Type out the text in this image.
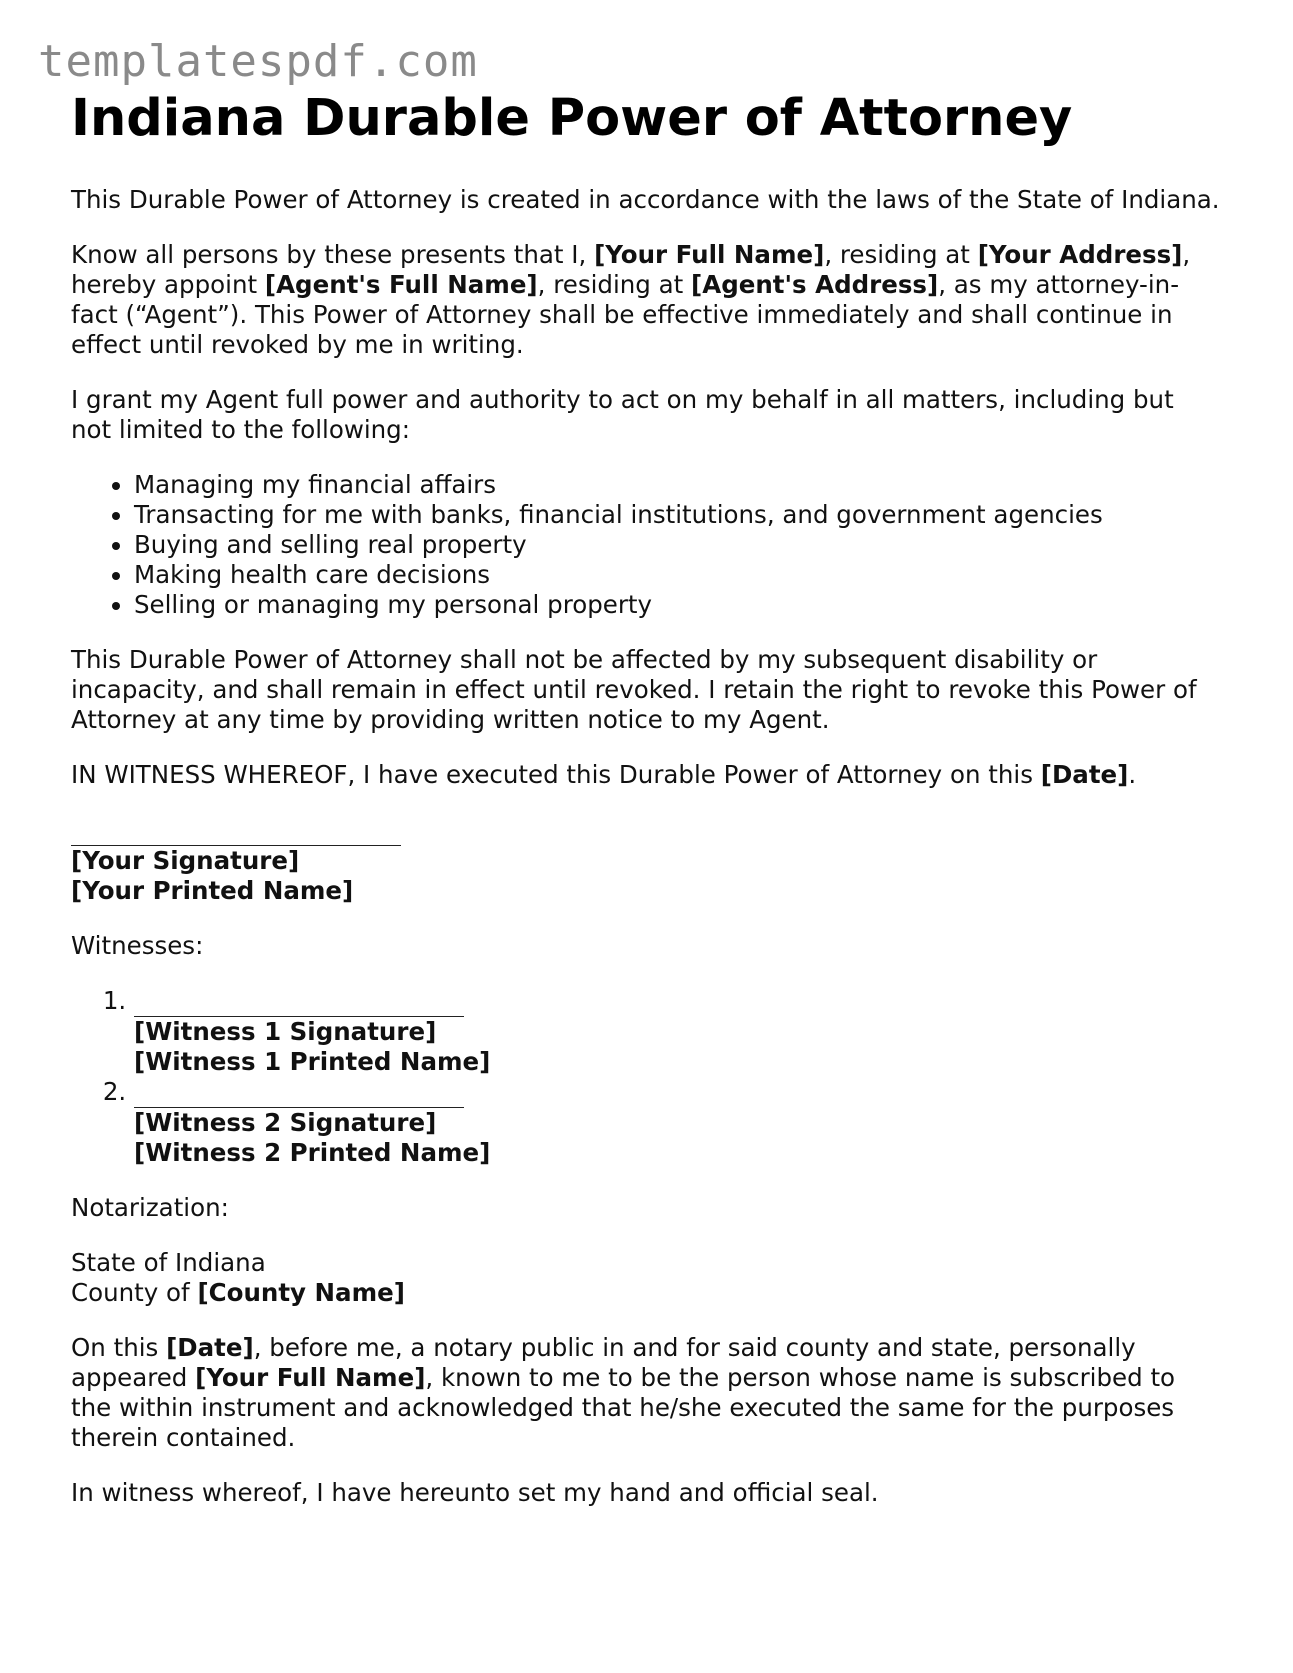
templatespdf.com
Indiana Durable Power of Attorney

This Durable Power of Attorney is created in accordance with the laws of the State of Indiana.

Know all persons by these presents that I, [Your Full Name], residing at [Your Address], hereby appoint [Agent's Full Name], residing at [Agent's Address], as my attorney-in-fact (“Agent”). This Power of Attorney shall be effective immediately and shall continue in effect until revoked by me in writing.

I grant my Agent full power and authority to act on my behalf in all matters, including but not limited to the following:

• Managing my financial affairs
• Transacting for me with banks, financial institutions, and government agencies
• Buying and selling real property
• Making health care decisions
• Selling or managing my personal property

This Durable Power of Attorney shall not be affected by my subsequent disability or incapacity, and shall remain in effect until revoked. I retain the right to revoke this Power of Attorney at any time by providing written notice to my Agent.

IN WITNESS WHEREOF, I have executed this Durable Power of Attorney on this [Date].

[Your Signature]
[Your Printed Name]

Witnesses:

1. [Witness 1 Signature]
[Witness 1 Printed Name]
2. [Witness 2 Signature]
[Witness 2 Printed Name]

Notarization:

State of Indiana
County of [County Name]

On this [Date], before me, a notary public in and for said county and state, personally appeared [Your Full Name], known to me to be the person whose name is subscribed to the within instrument and acknowledged that he/she executed the same for the purposes therein contained.

In witness whereof, I have hereunto set my hand and official seal.
